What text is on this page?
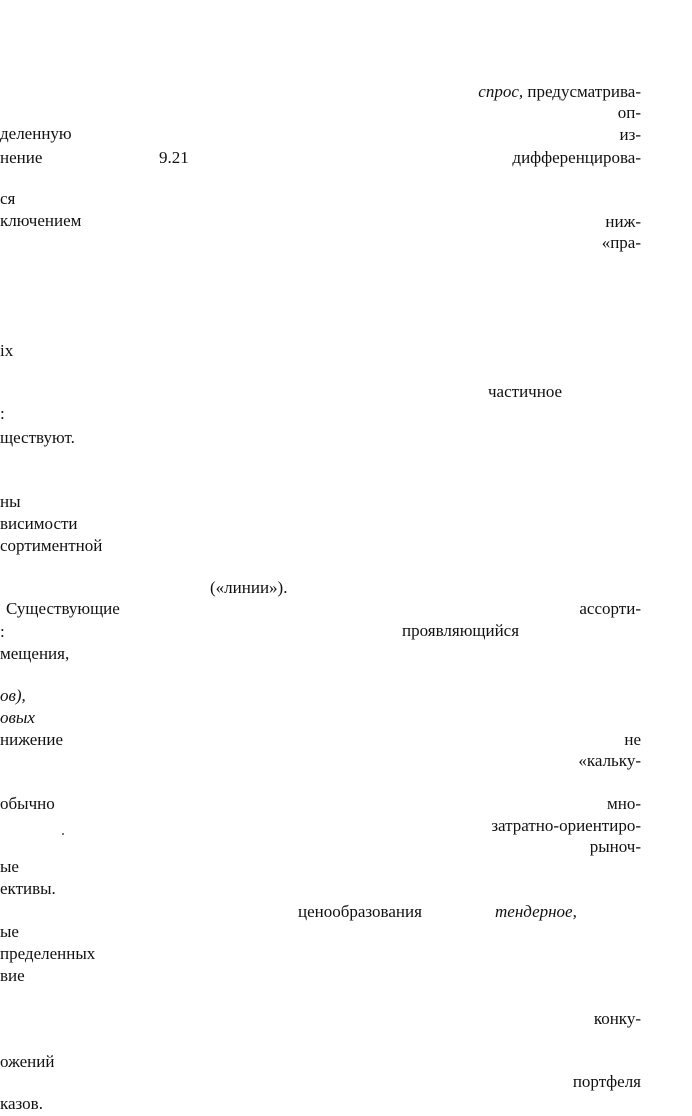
деленную
нение
ся
ключением
іх
:
ществуют.
ны
висимости
сортиментной
Существующие
:
мещения,
ов),
овых
нижение
обычно
ые
ективы.
ые
пределенных
вие
ожений
казов.
9.21
частичное
(«линии»).
проявляющийся
ценообразования	тендерное,
спрос, предусматрива-
оп-
из-
дифференцирова-
ниж-
«пра-
ассорти-
не
«кальку-
мно-
затратно-ориентиро-
рыноч-
конку-
портфеля
